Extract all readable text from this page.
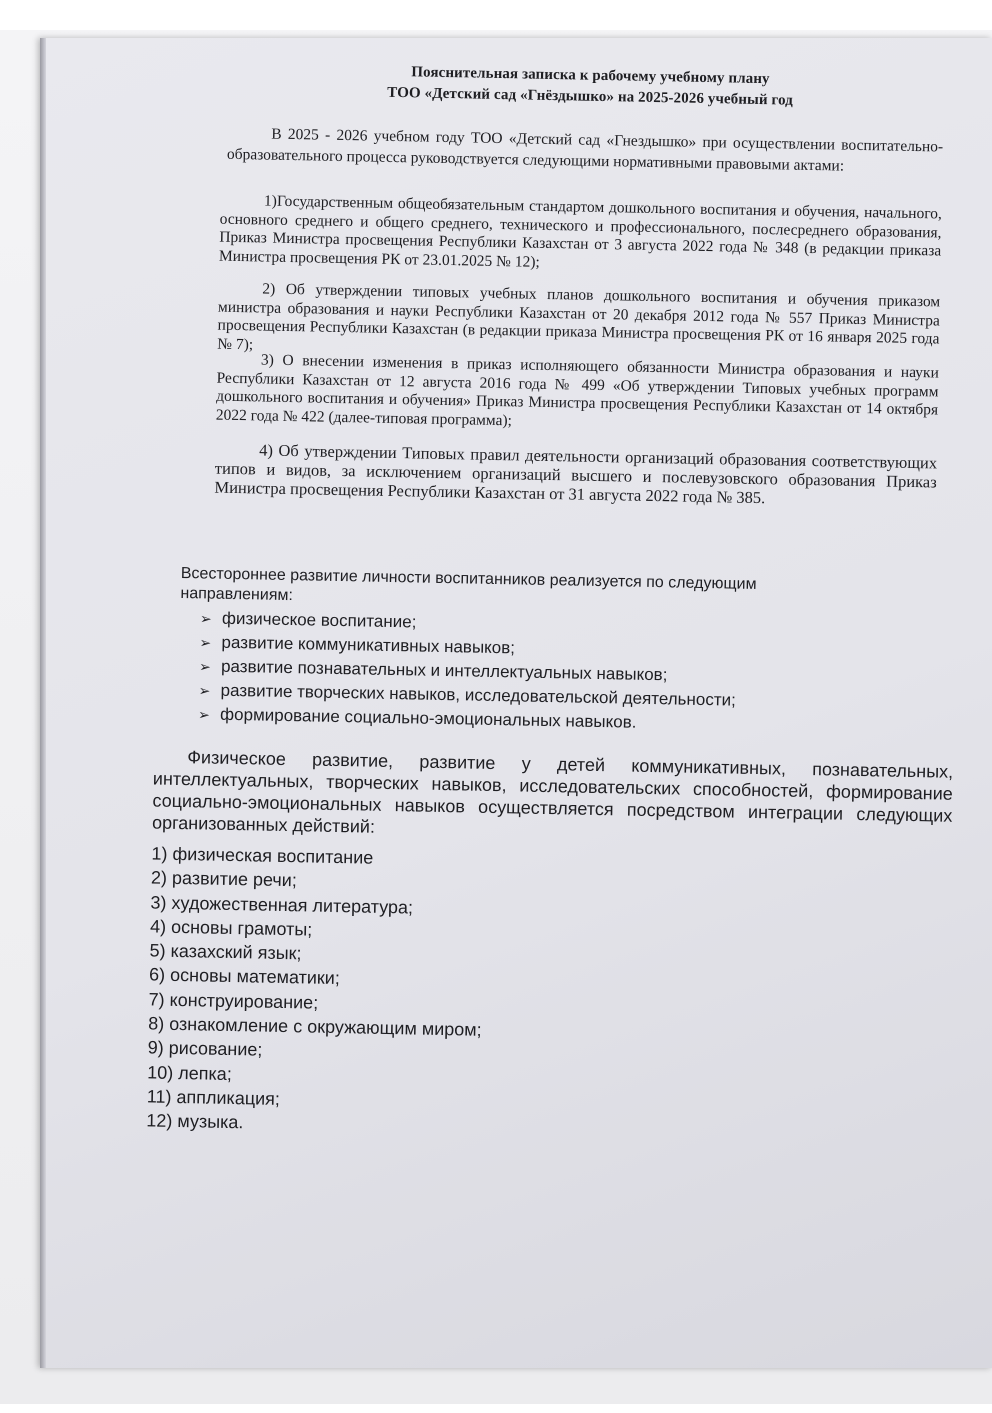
Пояснительная записка к рабочему учебному плану
ТОО «Детский сад «Гнёздышко» на 2025-2026 учебный год
В 2025 - 2026 учебном году ТОО «Детский сад «Гнездышко» при осуществлении воспитательно-образовательного процесса руководствуется следующими нормативными правовыми актами:
1)Государственным общеобязательным стандартом дошкольного воспитания и обучения, начального, основного среднего и общего среднего, технического и профессионального, послесреднего образования, Приказ Министра просвещения Республики Казахстан от 3 августа 2022 года № 348 (в редакции приказа Министра просвещения РК от 23.01.2025 № 12);
2) Об утверждении типовых учебных планов дошкольного воспитания и обучения приказом министра образования и науки Республики Казахстан от 20 декабря 2012 года № 557 Приказ Министра просвещения Республики Казахстан (в редакции приказа Министра просвещения РК от 16 января 2025 года № 7);
3) О внесении изменения в приказ исполняющего обязанности Министра образования и науки Республики Казахстан от 12 августа 2016 года № 499 «Об утверждении Типовых учебных программ дошкольного воспитания и обучения» Приказ Министра просвещения Республики Казахстан от 14 октября 2022 года № 422 (далее-типовая программа);
4) Об утверждении Типовых правил деятельности организаций образования соответствующих типов и видов, за исключением организаций высшего и послевузовского образования Приказ Министра просвещения Республики Казахстан от 31 августа 2022 года № 385.
Всестороннее развитие личности воспитанников реализуется по следующим направлениям:
➢ физическое воспитание;
➢ развитие коммуникативных навыков;
➢ развитие познавательных и интеллектуальных навыков;
➢ развитие творческих навыков, исследовательской деятельности;
➢ формирование социально-эмоциональных навыков.
Физическое развитие, развитие у детей коммуникативных, познавательных, интеллектуальных, творческих навыков, исследовательских способностей, формирование социально-эмоциональных навыков осуществляется посредством интеграции следующих организованных действий:
1) физическая воспитание
2) развитие речи;
3) художественная литература;
4) основы грамоты;
5) казахский язык;
6) основы математики;
7) конструирование;
8) ознакомление с окружающим миром;
9) рисование;
10) лепка;
11) аппликация;
12) музыка.
